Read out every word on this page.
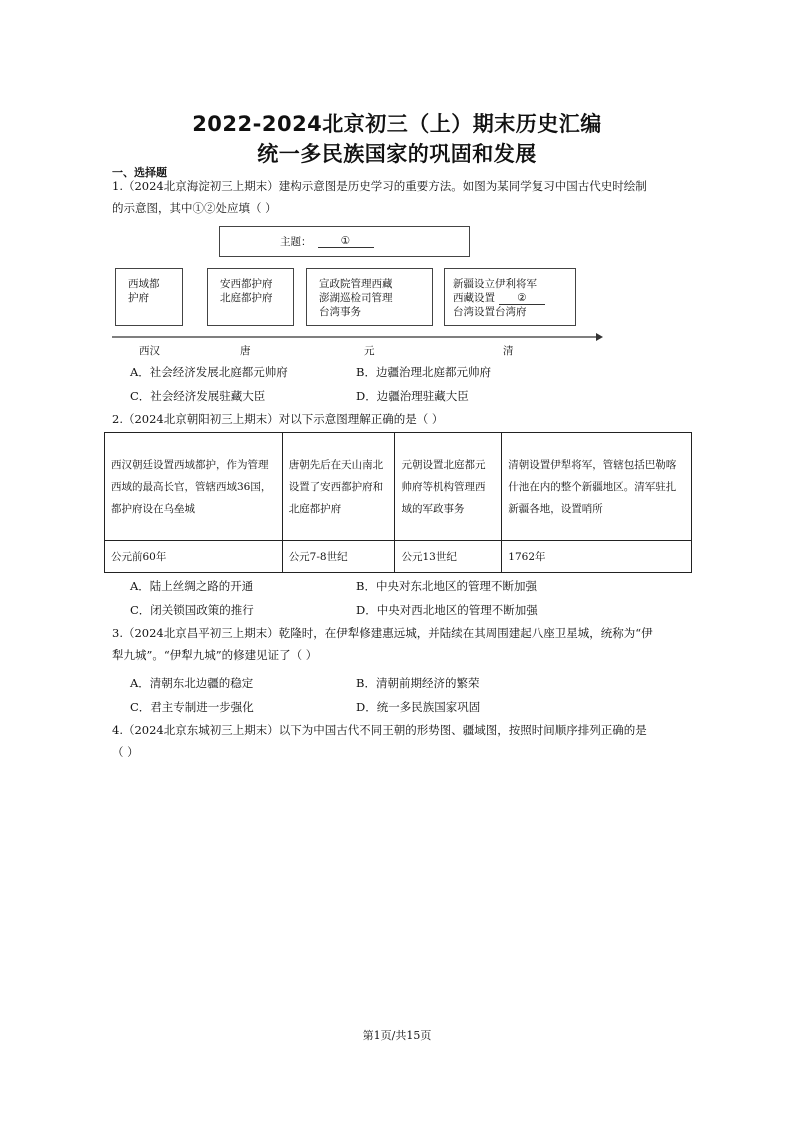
2022-2024北京初三（上）期末历史汇编
统一多民族国家的巩固和发展
一、选择题
1.（2024北京海淀初三上期末）建构示意图是历史学习的重要方法。如图为某同学复习中国古代史时绘制
的示意图，其中①②处应填（ ）
主题：	①
西域都
护府
安西都护府
北庭都护府
宣政院管理西藏
澎湖巡检司管理
台湾事务
新疆设立伊利将军
西藏设置 ②
台湾设置台湾府
西汉	唐	元	清
A．社会经济发展北庭都元帅府	B．边疆治理北庭都元帅府
C．社会经济发展驻藏大臣	D．边疆治理驻藏大臣
2.（2024北京朝阳初三上期末）对以下示意图理解正确的是（ ）
西汉朝廷设置西域都护，作为管理西域的最高长官，管辖西域36国，都护府设在乌垒城	唐朝先后在天山南北设置了安西都护府和北庭都护府	元朝设置北庭都元帅府等机构管理西域的军政事务	清朝设置伊犁将军，管辖包括巴勒喀什池在内的整个新疆地区。清军驻扎新疆各地，设置哨所
公元前60年	公元7-8世纪	公元13世纪	1762年
A．陆上丝绸之路的开通	B．中央对东北地区的管理不断加强
C．闭关锁国政策的推行	D．中央对西北地区的管理不断加强
3.（2024北京昌平初三上期末）乾隆时，在伊犁修建惠远城，并陆续在其周围建起八座卫星城，统称为“伊
犁九城”。“伊犁九城”的修建见证了（ ）
A．清朝东北边疆的稳定	B．清朝前期经济的繁荣
C．君主专制进一步强化	D．统一多民族国家巩固
4.（2024北京东城初三上期末）以下为中国古代不同王朝的形势图、疆域图，按照时间顺序排列正确的是
（ ）
第1页/共15页
